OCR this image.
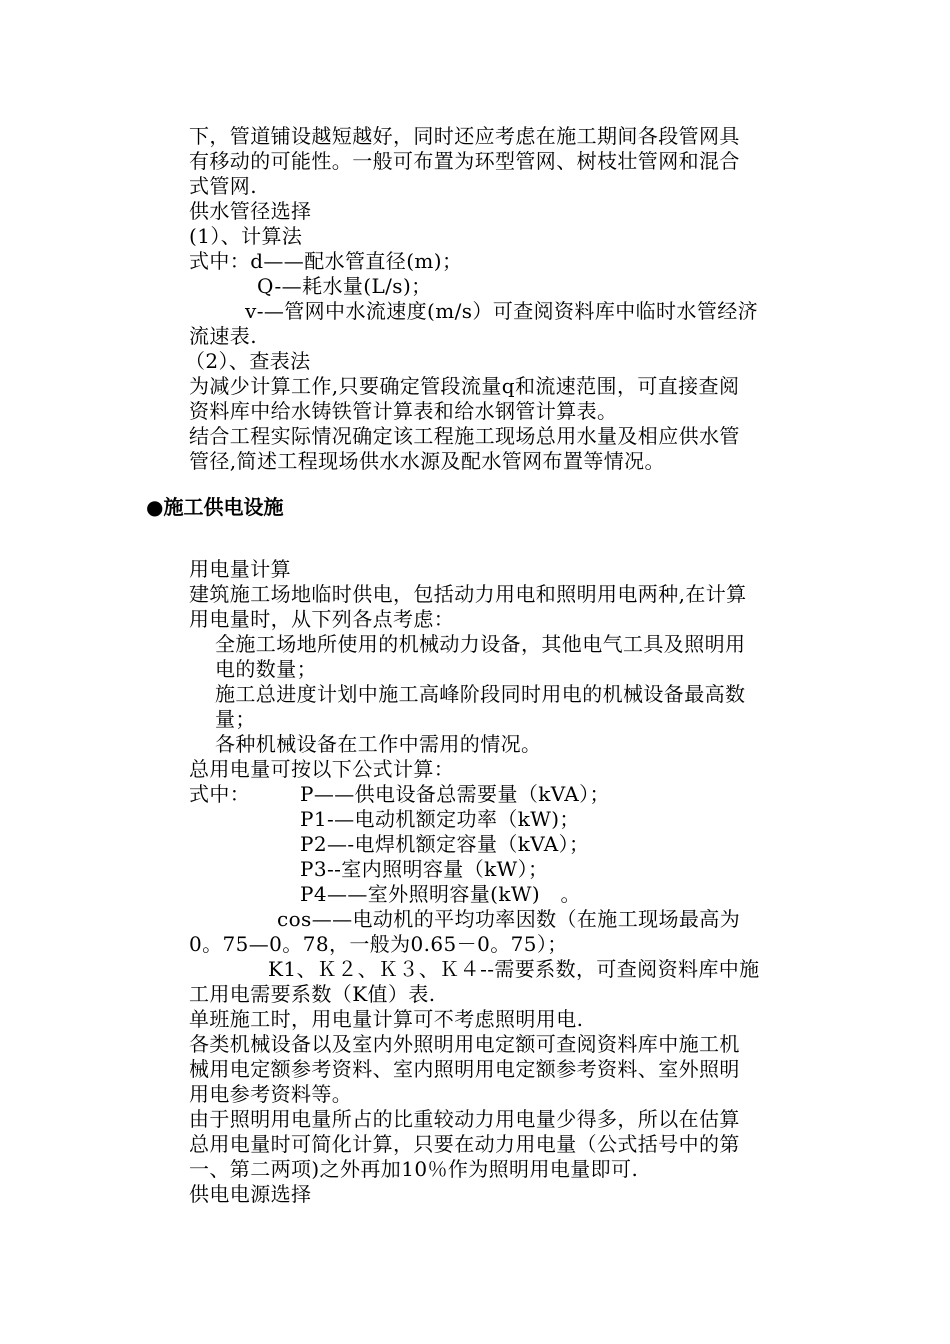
下，管道铺设越短越好，同时还应考虑在施工期间各段管网具
有移动的可能性。一般可布置为环型管网、树枝壮管网和混合
式管网.
供水管径选择
(1）、计算法
式中：d——配水管直径(m)；
Q-—耗水量(L/s)；
v-—管网中水流速度(m/s）可查阅资料库中临时水管经济
流速表.
（2）、查表法
为减少计算工作,只要确定管段流量q和流速范围，可直接查阅
资料库中给水铸铁管计算表和给水钢管计算表。
结合工程实际情况确定该工程施工现场总用水量及相应供水管
管径,简述工程现场供水水源及配水管网布置等情况。
●施工供电设施
用电量计算
建筑施工场地临时供电，包括动力用电和照明用电两种,在计算
用电量时，从下列各点考虑：
全施工场地所使用的机械动力设备，其他电气工具及照明用
电的数量；
施工总进度计划中施工高峰阶段同时用电的机械设备最高数
量；
各种机械设备在工作中需用的情况。
总用电量可按以下公式计算：
式中：	P——供电设备总需要量（kVA）；
P1-—电动机额定功率（kW)；
P2—-电焊机额定容量（kVA）；
P3--室内照明容量（kW）；
P4——室外照明容量(kW)　。
cos——电动机的平均功率因数（在施工现场最高为
0。75—0。78，一般为0.65－0。75）；
K1、Ｋ２、Ｋ３、Ｋ４--需要系数，可查阅资料库中施
工用电需要系数（K值）表.
单班施工时，用电量计算可不考虑照明用电.
各类机械设备以及室内外照明用电定额可查阅资料库中施工机
械用电定额参考资料、室内照明用电定额参考资料、室外照明
用电参考资料等。
由于照明用电量所占的比重较动力用电量少得多，所以在估算
总用电量时可简化计算，只要在动力用电量（公式括号中的第
一、第二两项)之外再加10％作为照明用电量即可.
供电电源选择
